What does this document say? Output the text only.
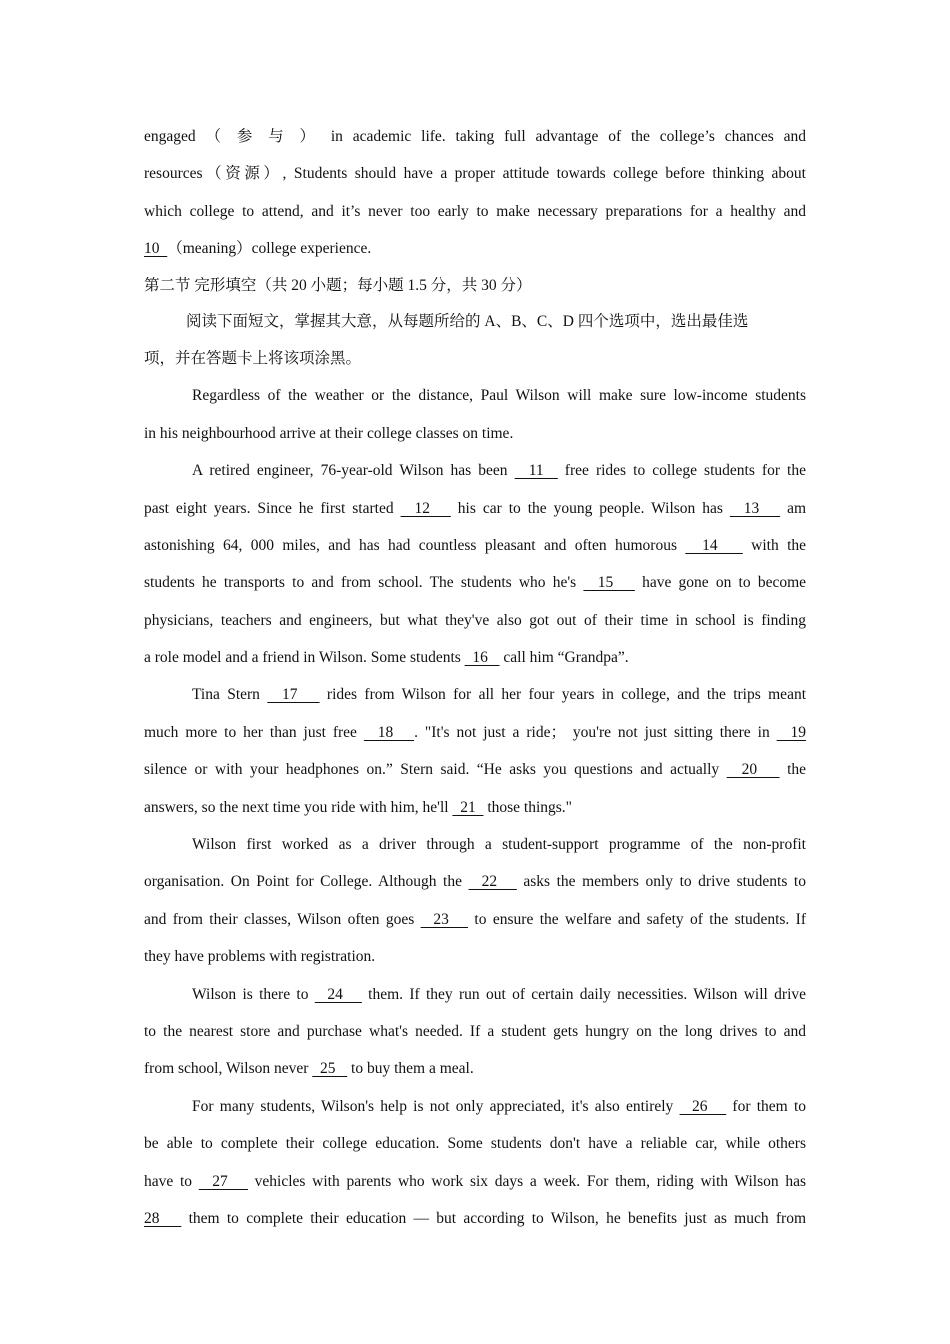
engaged （ 参 与 ） in academic life. taking full advantage of the college’s chances and
resources（资源）, Students should have a proper attitude towards college before thinking about
which college to attend, and it’s never too early to make necessary preparations for a healthy and
10  （meaning）college experience.
第二节 完形填空（共 20 小题；每小题 1.5 分，共 30 分）
阅读下面短文，掌握其大意，从每题所给的 A、B、C、D 四个选项中，选出最佳选
项，并在答题卡上将该项涂黑。
Regardless of the weather or the distance, Paul Wilson will make sure low-income students
in his neighbourhood arrive at their college classes on time.
A retired engineer, 76-year-old Wilson has been   11   free rides to college students for the
past eight years. Since he first started   12    his car to the young people. Wilson has   13    am
astonishing 64, 000 miles, and has had countless pleasant and often humorous   14    with the
students he transports to and from school. The students who he's   15    have gone on to become
physicians, teachers and engineers, but what they've also got out of their time in school is finding
a role model and a friend in Wilson. Some students   16    call him “Grandpa”.
Tina Stern   17    rides from Wilson for all her four years in college, and the trips meant
much more to her than just free   18   . "It's not just a ride； you're not just sitting there in   19
silence or with your headphones on.” Stern said. “He asks you questions and actually   20    the
answers, so the next time you ride with him, he'll   21   those things."
Wilson first worked as a driver through a student-support programme of the non-profit
organisation. On Point for College. Although the   22    asks the members only to drive students to
and from their classes, Wilson often goes   23    to ensure the welfare and safety of the students. If
they have problems with registration.
Wilson is there to   24    them. If they run out of certain daily necessities. Wilson will drive
to the nearest store and purchase what's needed. If a student gets hungry on the long drives to and
from school, Wilson never   25    to buy them a meal.
For many students, Wilson's help is not only appreciated, it's also entirely   26    for them to
be able to complete their college education. Some students don't have a reliable car, while others
have to   27    vehicles with parents who work six days a week. For them, riding with Wilson has
28    them to complete their education — but according to Wilson, he benefits just as much from
